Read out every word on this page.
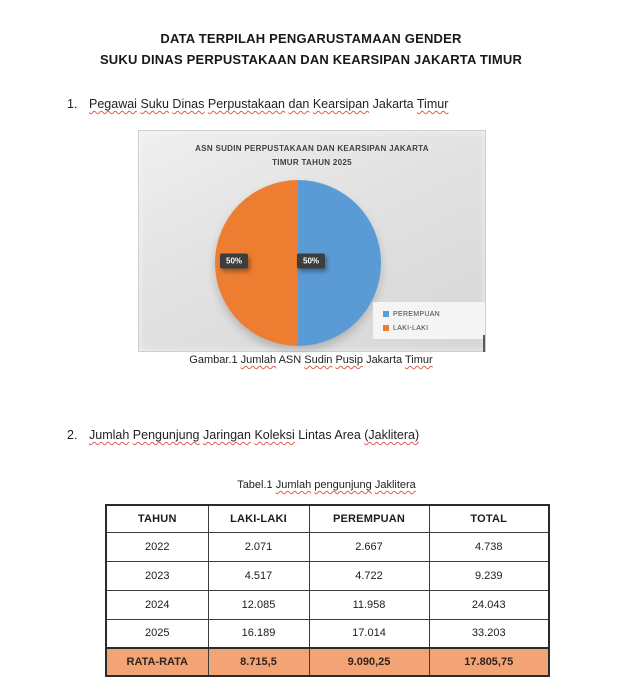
DATA TERPILAH PENGARUSTAMAAN GENDER
SUKU DINAS PERPUSTAKAAN DAN KEARSIPAN JAKARTA TIMUR
1. Pegawai Suku Dinas Perpustakaan dan Kearsipan Jakarta Timur
ASN SUDIN PERPUSTAKAAN DAN KEARSIPAN JAKARTA
TIMUR TAHUN 2025
50%	50%
PEREMPUAN
LAKI-LAKI
Gambar.1 Jumlah ASN Sudin Pusip Jakarta Timur
2. Jumlah Pengunjung Jaringan Koleksi Lintas Area (Jaklitera)
Tabel.1 Jumlah pengunjung Jaklitera
TAHUN	LAKI-LAKI	PEREMPUAN	TOTAL
2022	2.071	2.667	4.738
2023	4.517	4.722	9.239
2024	12.085	11.958	24.043
2025	16.189	17.014	33.203
RATA-RATA	8.715,5	9.090,25	17.805,75
